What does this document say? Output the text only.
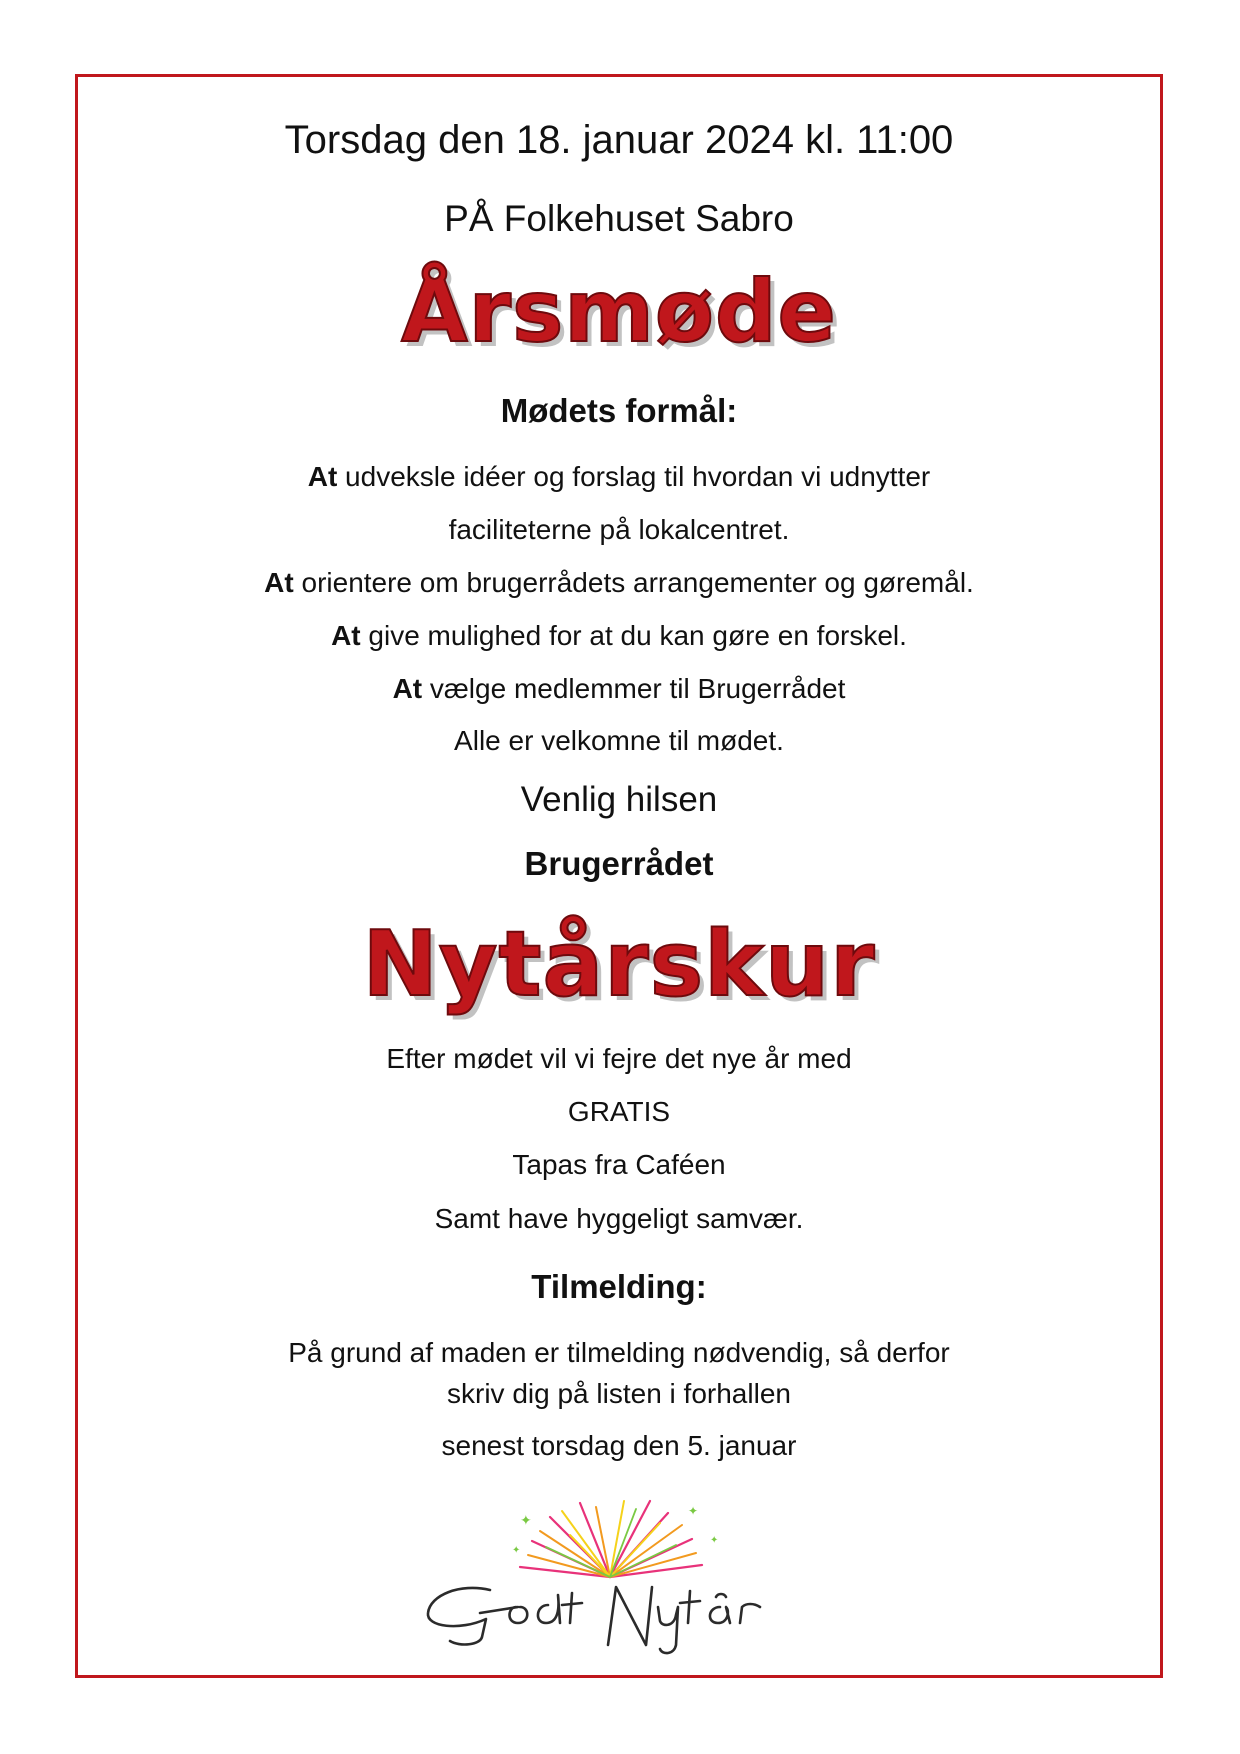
Torsdag den 18. januar 2024 kl. 11:00
PÅ Folkehuset Sabro
Årsmøde
Mødets formål:
At udveksle idéer og forslag til hvordan vi udnytter
faciliteterne på lokalcentret.
At orientere om brugerrådets arrangementer og gøremål.
At give mulighed for at du kan gøre en forskel.
At vælge medlemmer til Brugerrådet
Alle er velkomne til mødet.
Venlig hilsen
Brugerrådet
Nytårskur
Efter mødet vil vi fejre det nye år med
GRATIS
Tapas fra Caféen
Samt have hyggeligt samvær.
Tilmelding:
På grund af maden er tilmelding nødvendig, så derfor
skriv dig på listen i forhallen
senest torsdag den 5. januar
✦
✦
✦
✦
